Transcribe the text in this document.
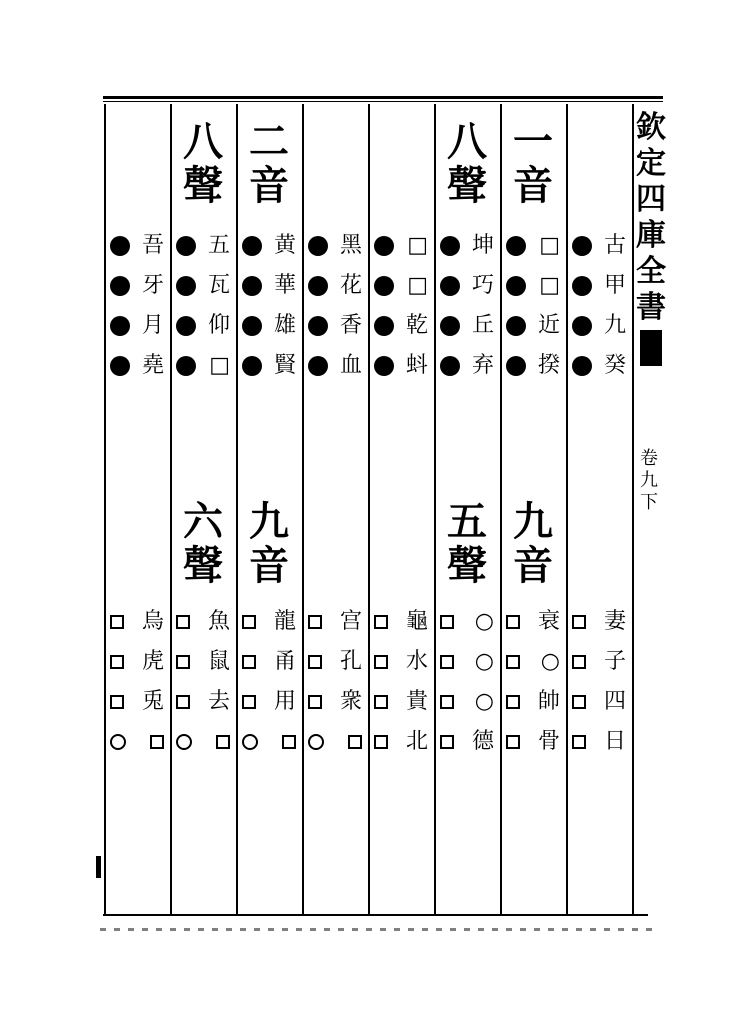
欽定四庫全書
卷九下
古
甲
九
癸
妻
子
四
日
一
音
九
音
□
□
近
揆
衰
○
帥
骨
八
聲
五
聲
坤
巧
丘
弃
○
○
○
德
□
□
乾
蚪
龜
水
貴
北
黑
花
香
血
宫
孔
衆
二
音
九
音
黄
華
雄
賢
龍
甬
用
八
聲
六
聲
五
瓦
仰
□
魚
鼠
去
吾
牙
月
堯
烏
虎
兎
